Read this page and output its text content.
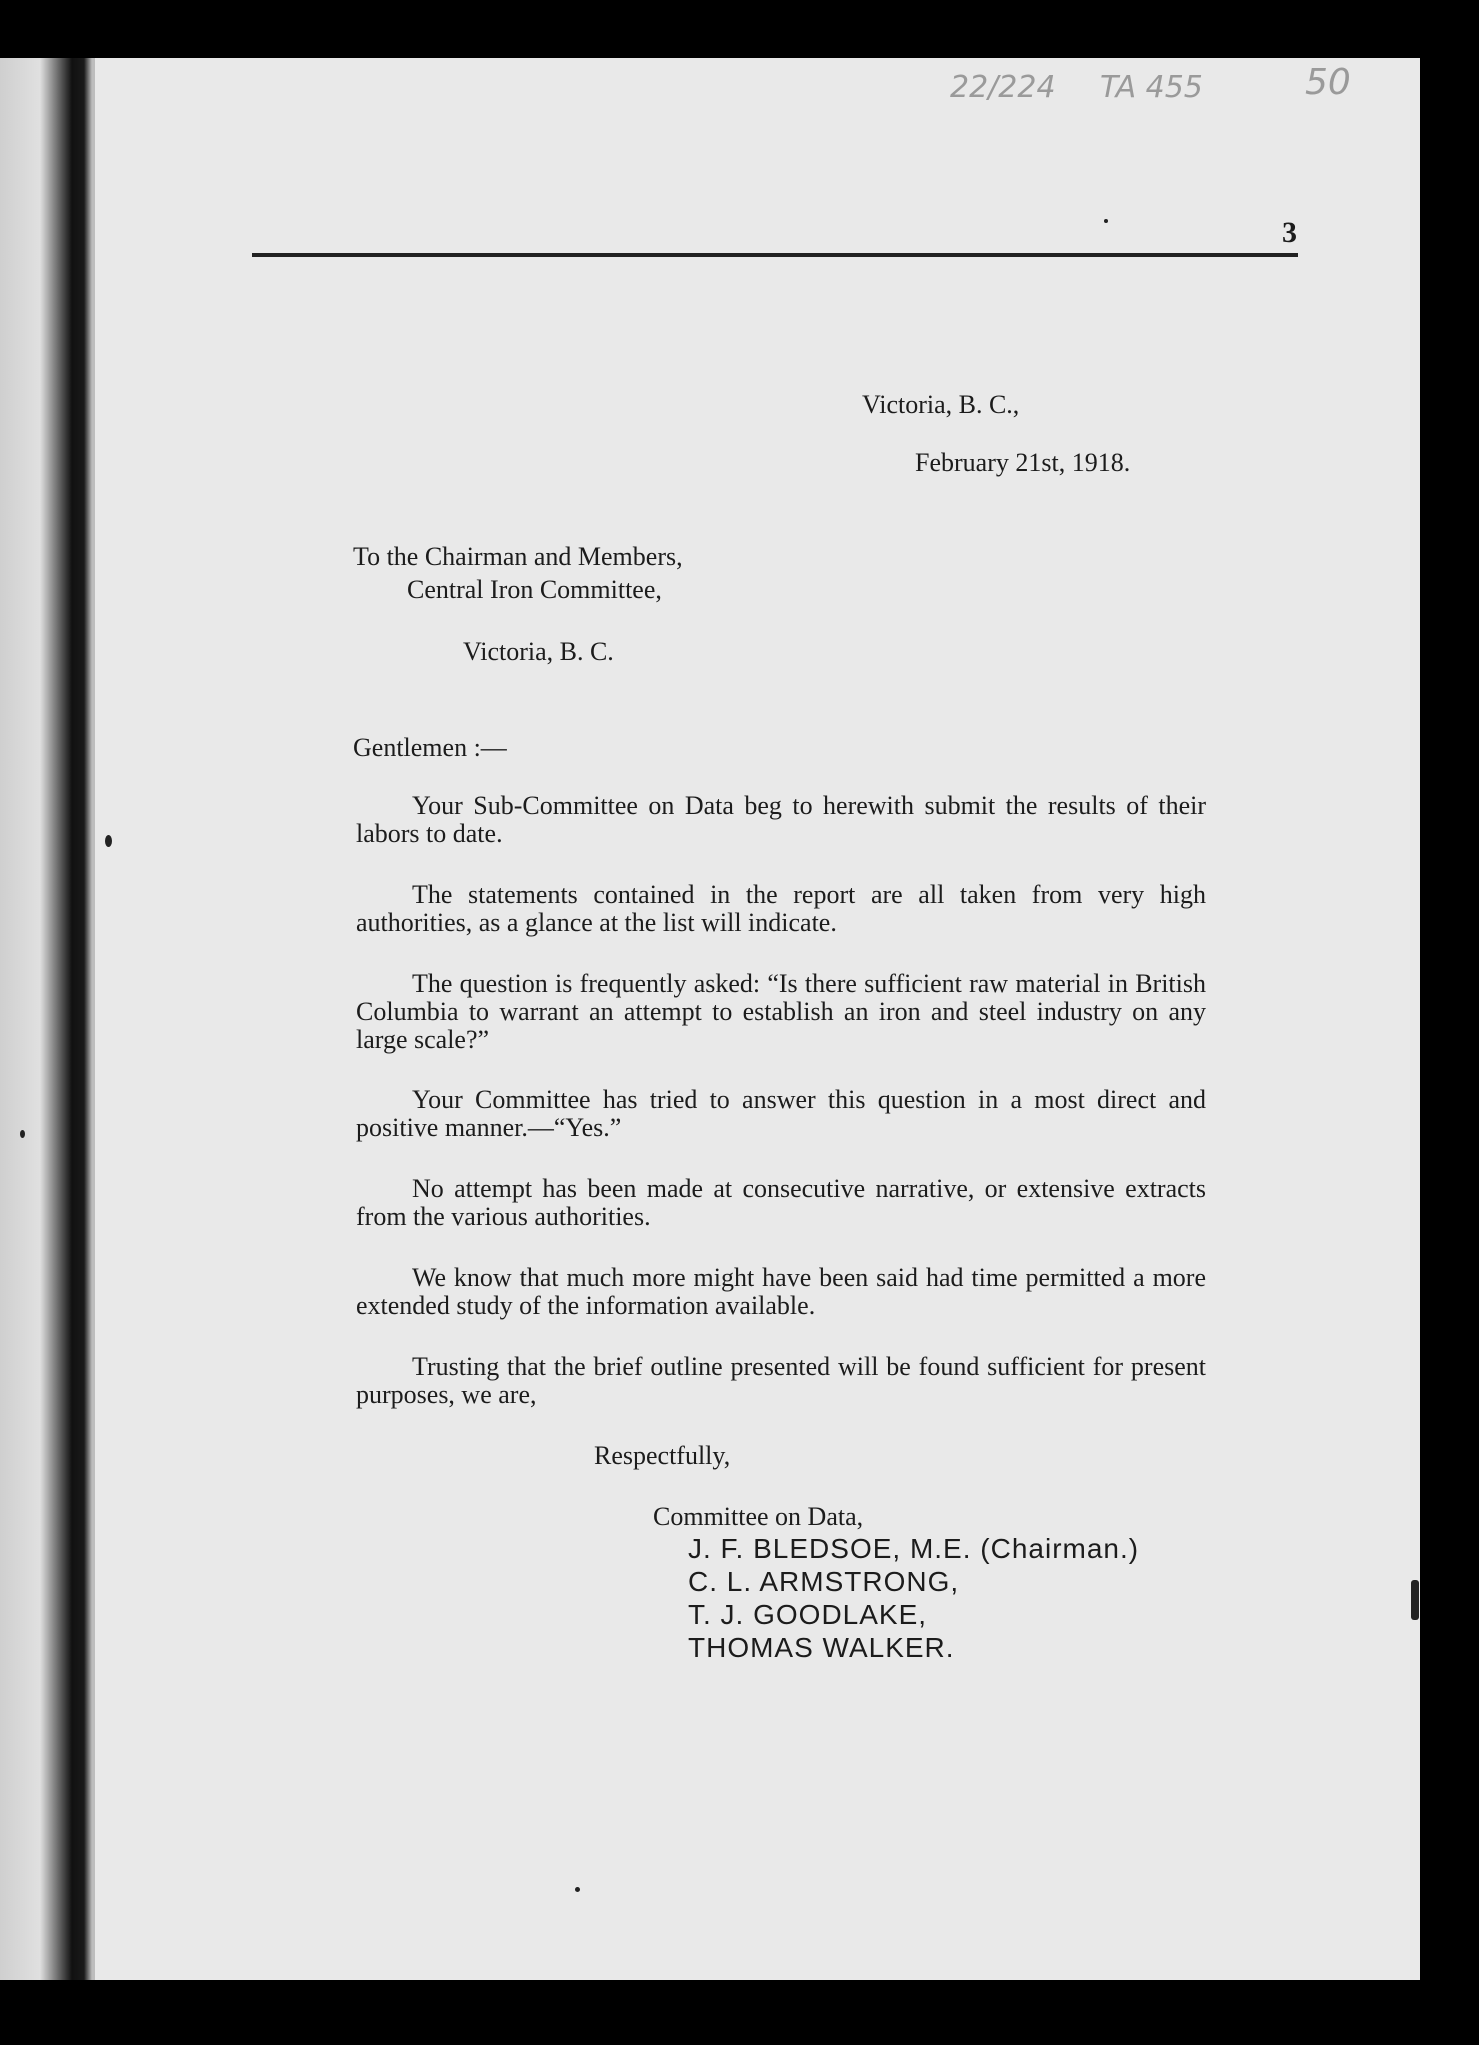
22/224 TA 455	50
3
Victoria, B. C.,
February 21st, 1918.
To the Chairman and Members,
Central Iron Committee,
Victoria, B. C.
Gentlemen :—
Your Sub-Committee on Data beg to herewith submit the results of their labors to date.
The statements contained in the report are all taken from very high authorities, as a glance at the list will indicate.
The question is frequently asked: “Is there sufficient raw material in British Columbia to warrant an attempt to establish an iron and steel industry on any large scale?”
Your Committee has tried to answer this question in a most direct and positive manner.—“Yes.”
No attempt has been made at consecutive narrative, or extensive extracts from the various authorities.
We know that much more might have been said had time permitted a more extended study of the information available.
Trusting that the brief outline presented will be found sufficient for present purposes, we are,
Respectfully,
Committee on Data,
J. F. BLEDSOE, M.E. (Chairman.)
C. L. ARMSTRONG,
T. J. GOODLAKE,
THOMAS WALKER.
